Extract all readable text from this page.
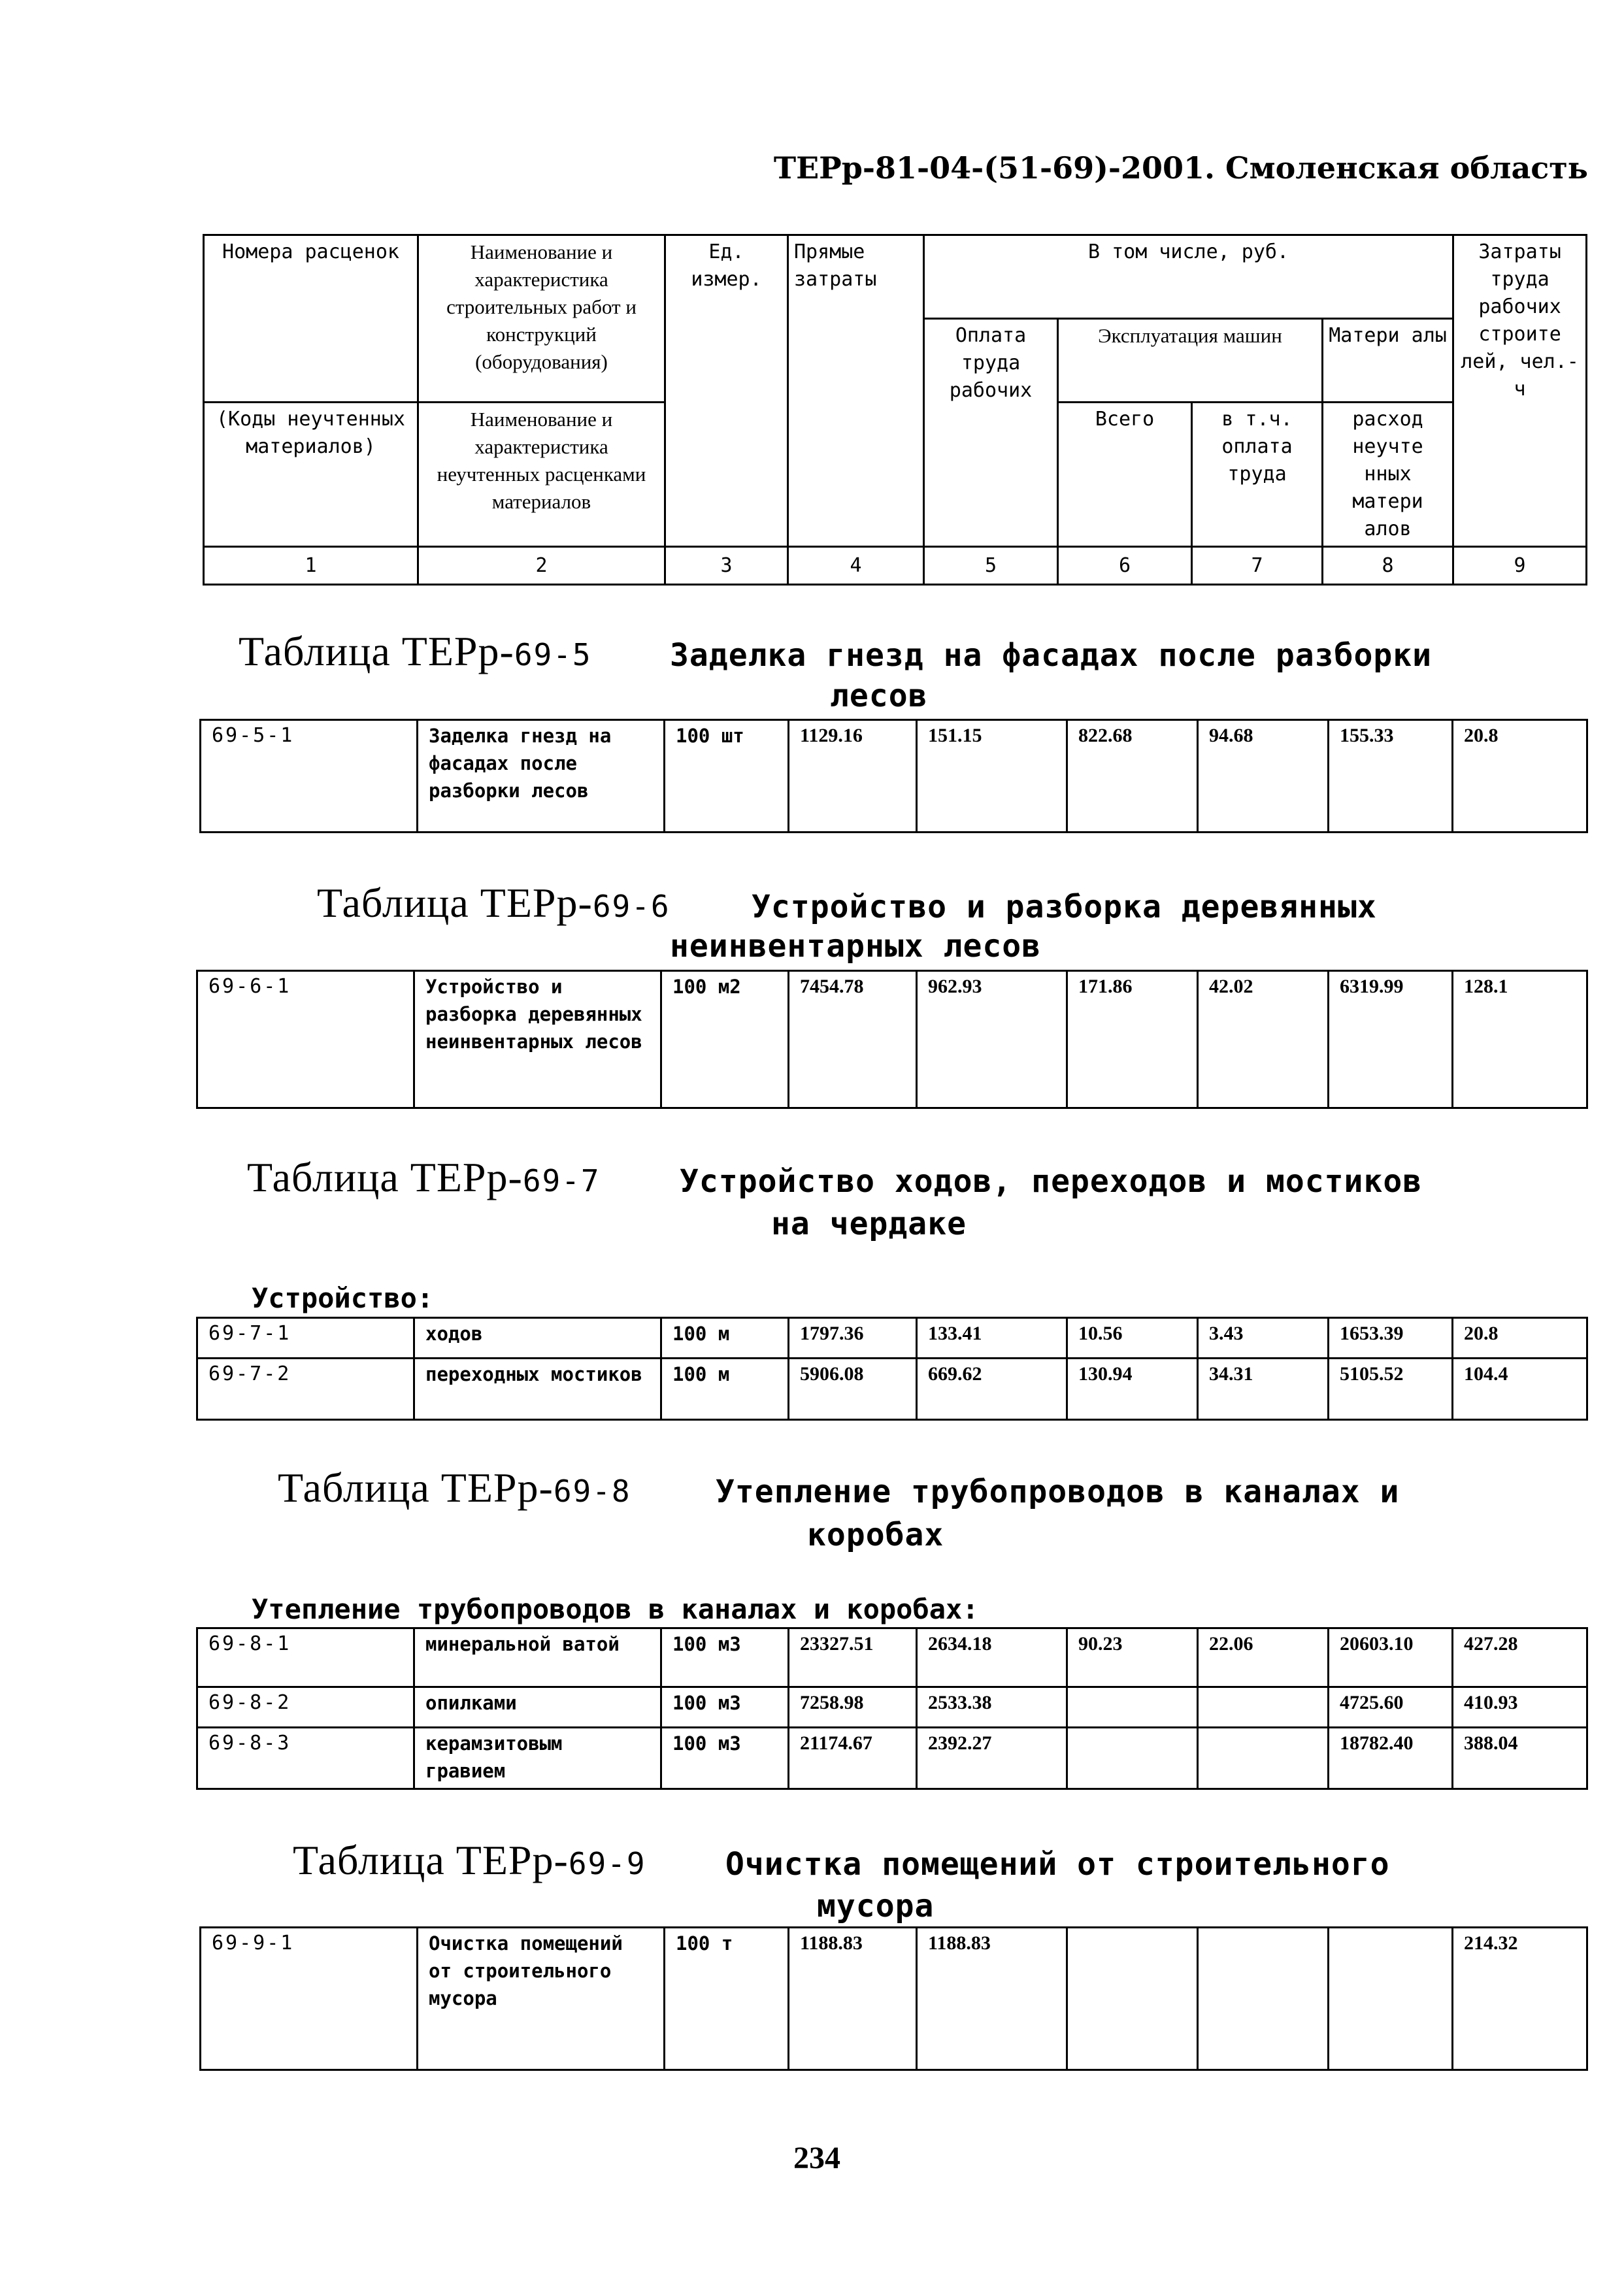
ТЕРр-81-04-(51-69)-2001. Смоленская область
Номера расценок	Наименование и характеристика строительных работ и конструкций (оборудования)	Ед. измер.	Прямые затраты	В том числе, руб.				Затраты труда рабочих строите лей, чел.-ч
				Оплата труда рабочих	Эксплуатация машин		Матери алы	
(Коды неучтенных материалов)	Наименование и характеристика неучтенных расценками материалов				Всего	в т.ч. оплата труда	расход неучте нных матери алов	
1	2	3	4	5	6	7	8	9
Таблица ТЕРр-69-5 Заделка гнезд на фасадах после разборки
лесов
69-5-1	Заделка гнезд на фасадах после разборки лесов	100 шт	1129.16	151.15	822.68	94.68	155.33	20.8
Таблица ТЕРр-69-6	Устройство и разборка деревянных
неинвентарных лесов
69-6-1	Устройство и разборка деревянных неинвентарных лесов	100 м2	7454.78	962.93	171.86	42.02	6319.99	128.1
Таблица ТЕРр-69-7	Устройство ходов, переходов и мостиков
на чердаке
Устройство:
69-7-1	ходов	100 м	1797.36	133.41	10.56	3.43	1653.39	20.8
69-7-2	переходных мостиков	100 м	5906.08	669.62	130.94	34.31	5105.52	104.4
Таблица ТЕРр-69-8	Утепление трубопроводов в каналах и
коробах
Утепление трубопроводов в каналах и коробах:
69-8-1	минеральной ватой	100 м3	23327.51	2634.18	90.23	22.06	20603.10	427.28
69-8-2	опилками	100 м3	7258.98	2533.38			4725.60	410.93
69-8-3	керамзитовым гравием	100 м3	21174.67	2392.27			18782.40	388.04
Таблица ТЕРр-69-9	Очистка помещений от строительного
мусора
69-9-1	Очистка помещений от строительного мусора	100 т	1188.83	1188.83				214.32
234
